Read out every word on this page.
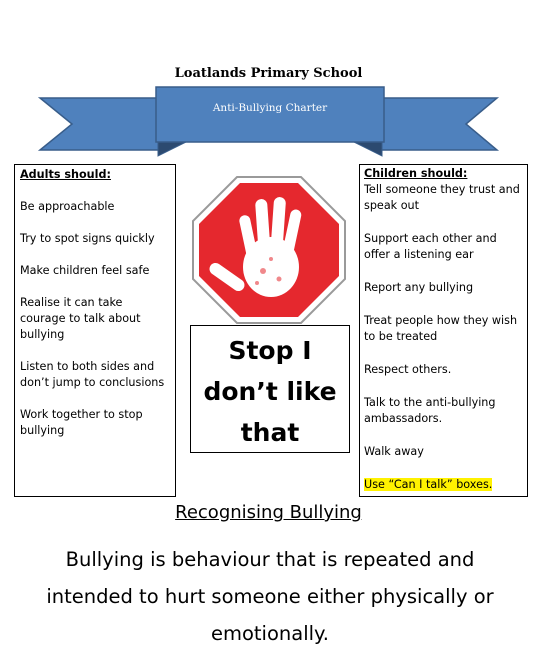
Loatlands Primary School
Anti-Bullying Charter
Adults should:
Be approachable
Try to spot signs quickly
Make children feel safe
Realise it can take courage to talk about bullying
Listen to both sides and don’t jump to conclusions
Work together to stop bullying
Children should:
Tell someone they trust and speak out
Support each other and offer a listening ear
Report any bullying
Treat people how they wish to be treated
Respect others.
Talk to the anti-bullying ambassadors.
Walk away
Use “Can I talk” boxes.
Stop I
don’t like
that
Recognising Bullying
Bullying is behaviour that is repeated and intended to hurt someone either physically or emotionally.
